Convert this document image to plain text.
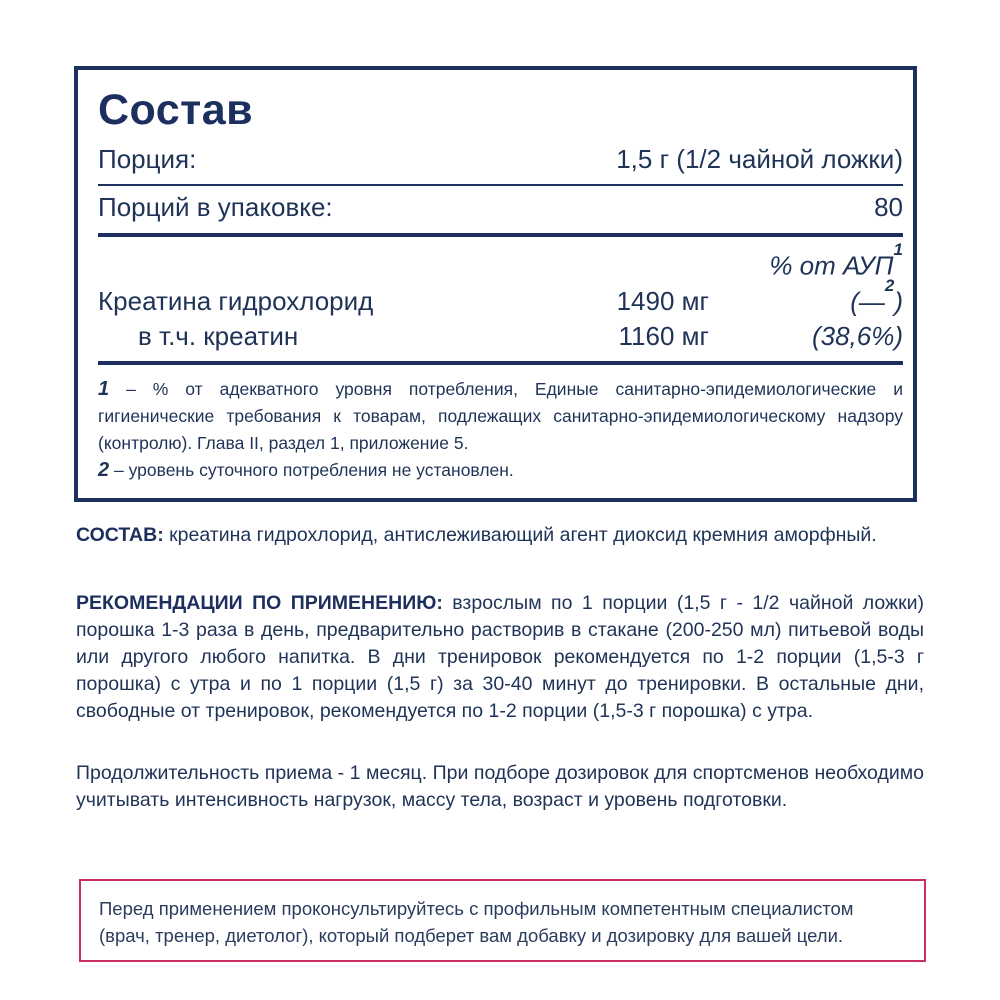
Состав
Порция:	1,5 г (1/2 чайной ложки)
Порций в упаковке:	80
% от АУП$^1$
Креатина гидрохлорид	1490 мг	(—$^2$)
в т.ч. креатин	1160 мг	(38,6%)
1 – % от адекватного уровня потребления, Единые санитарно-эпидемиологические и гигиенические требования к товарам, подлежащих санитарно-эпидемиологическому надзору (контролю). Глава II, раздел 1, приложение 5.
2 – уровень суточного потребления не установлен.
СОСТАВ: креатина гидрохлорид, антислеживающий агент диоксид кремния аморфный.
РЕКОМЕНДАЦИИ ПО ПРИМЕНЕНИЮ: взрослым по 1 порции (1,5 г - 1/2 чайной ложки) порошка 1-3 раза в день, предварительно растворив в стакане (200-250 мл) питьевой воды или другого любого напитка. В дни тренировок рекомендуется по 1-2 порции (1,5-3 г порошка) с утра и по 1 порции (1,5 г) за 30-40 минут до тренировки. В остальные дни, свободные от тренировок, рекомендуется по 1-2 порции (1,5-3 г порошка) с утра.
Продолжительность приема - 1 месяц. При подборе дозировок для спортсменов необходимо учитывать интенсивность нагрузок, массу тела, возраст и уровень подготовки.
Перед применением проконсультируйтесь с профильным компетентным специалистом (врач, тренер, диетолог), который подберет вам добавку и дозировку для вашей цели.
